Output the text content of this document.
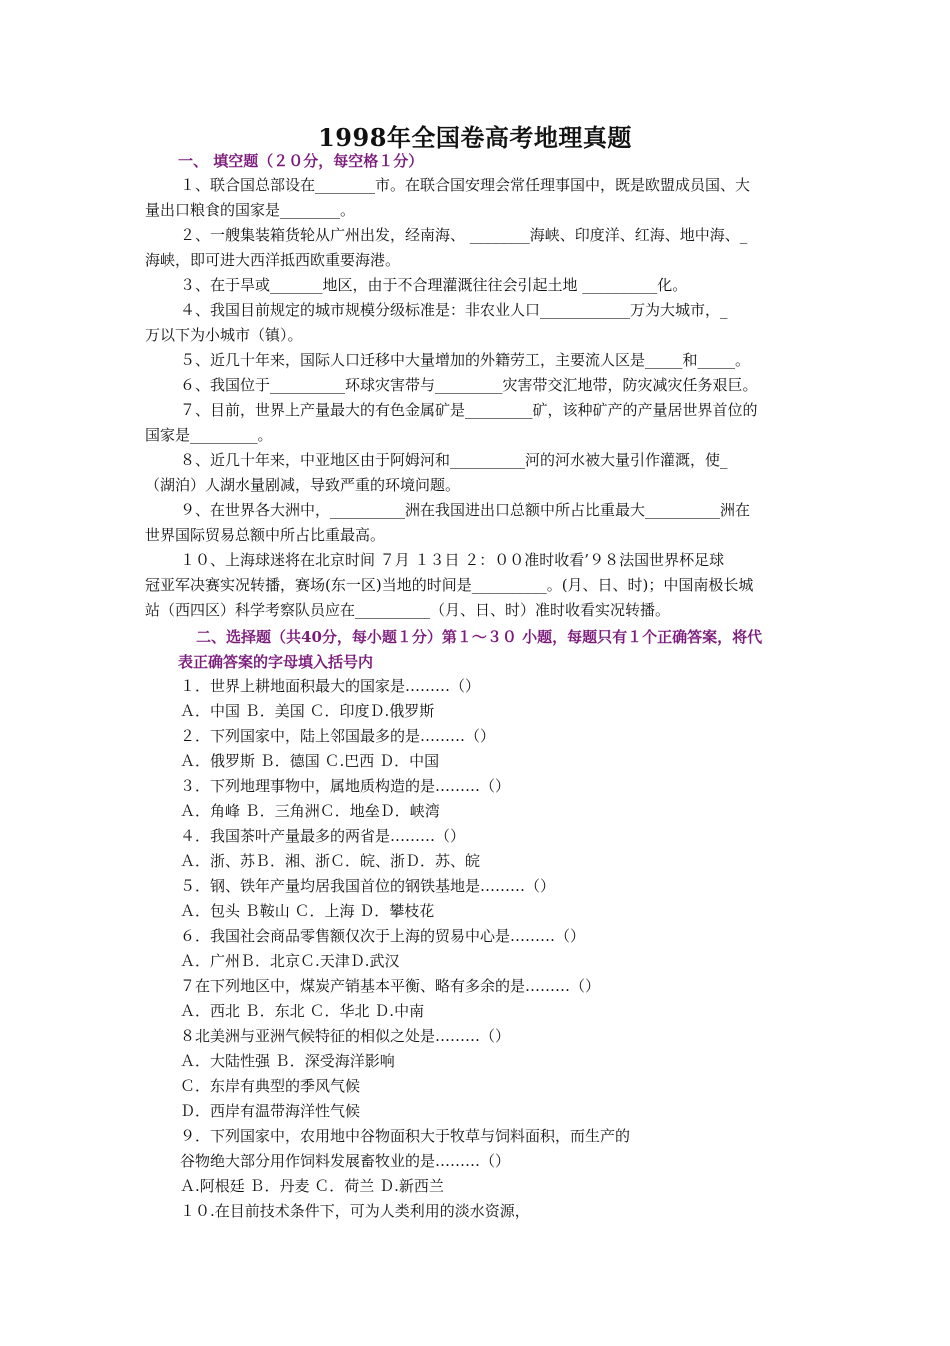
1998年全国卷高考地理真题
一、 填空题（２０分，每空格１分）
１、联合国总部设在________市。在联合国安理会常任理事国中，既是欧盟成员国、大
量出口粮食的国家是________。
２、一艘集装箱货轮从广州出发，经南海、 ________海峡、印度洋、红海、地中海、_
海峡，即可进大西洋抵西欧重要海港。
３、在于旱或_______地区，由于不合理灌溉往往会引起土地 __________化。
４、我国目前规定的城市规模分级标准是：非农业人口____________万为大城市，_
万以下为小城市（镇）。
５、近几十年来，国际人口迁移中大量增加的外籍劳工，主要流人区是_____和_____。
６、我国位于__________环球灾害带与_________灾害带交汇地带，防灾减灾任务艰巨。
７、目前，世界上产量最大的有色金属矿是_________矿，该种矿产的产量居世界首位的
国家是_________。
８、近几十年来，中亚地区由于阿姆河和__________河的河水被大量引作灌溉，使_
（湖泊）人湖水量剧减，导致严重的环境问题。
９、在世界各大洲中，__________洲在我国进出口总额中所占比重最大__________洲在
世界国际贸易总额中所占比重最高。
１０、上海球迷将在北京时间 ７月 １３日 ２：００准时收看’９８法国世界杯足球
冠亚军决赛实况转播，赛场(东一区)当地的时间是__________。(月、日、时)；中国南极长城
站（西四区）科学考察队员应在__________（月、日、时）准时收看实况转播。
二、选择题（共40分，每小题１分）第１～３０ 小题，每题只有１个正确答案，将代
表正确答案的字母填入括号内
１．世界上耕地面积最大的国家是………（）
Ａ．中国 Ｂ．美国 Ｃ．印度Ｄ.俄罗斯
２．下列国家中，陆上邻国最多的是………（）
Ａ．俄罗斯 Ｂ．德国 Ｃ.巴西 Ｄ．中国
３．下列地理事物中，属地质构造的是………（）
Ａ．角峰 Ｂ．三角洲Ｃ．地垒Ｄ．峡湾
４．我国茶叶产量最多的两省是………（）
Ａ．浙、苏Ｂ．湘、浙Ｃ．皖、浙Ｄ．苏、皖
５．钢、铁年产量均居我国首位的钢铁基地是………（）
Ａ．包头 Ｂ鞍山 Ｃ．上海 Ｄ．攀枝花
６．我国社会商品零售额仅次于上海的贸易中心是………（）
Ａ．广州Ｂ．北京Ｃ.天津Ｄ.武汉
７在下列地区中，煤炭产销基本平衡、略有多余的是………（）
Ａ．西北 Ｂ．东北 Ｃ．华北 Ｄ.中南
８北美洲与亚洲气候特征的相似之处是………（）
Ａ．大陆性强 Ｂ．深受海洋影响
Ｃ．东岸有典型的季风气候
Ｄ．西岸有温带海洋性气候
９．下列国家中，农用地中谷物面积大于牧草与饲料面积，而生产的
谷物绝大部分用作饲料发展畜牧业的是………（）
Ａ.阿根廷 Ｂ．丹麦 Ｃ．荷兰 Ｄ.新西兰
１０.在目前技术条件下，可为人类利用的淡水资源，
